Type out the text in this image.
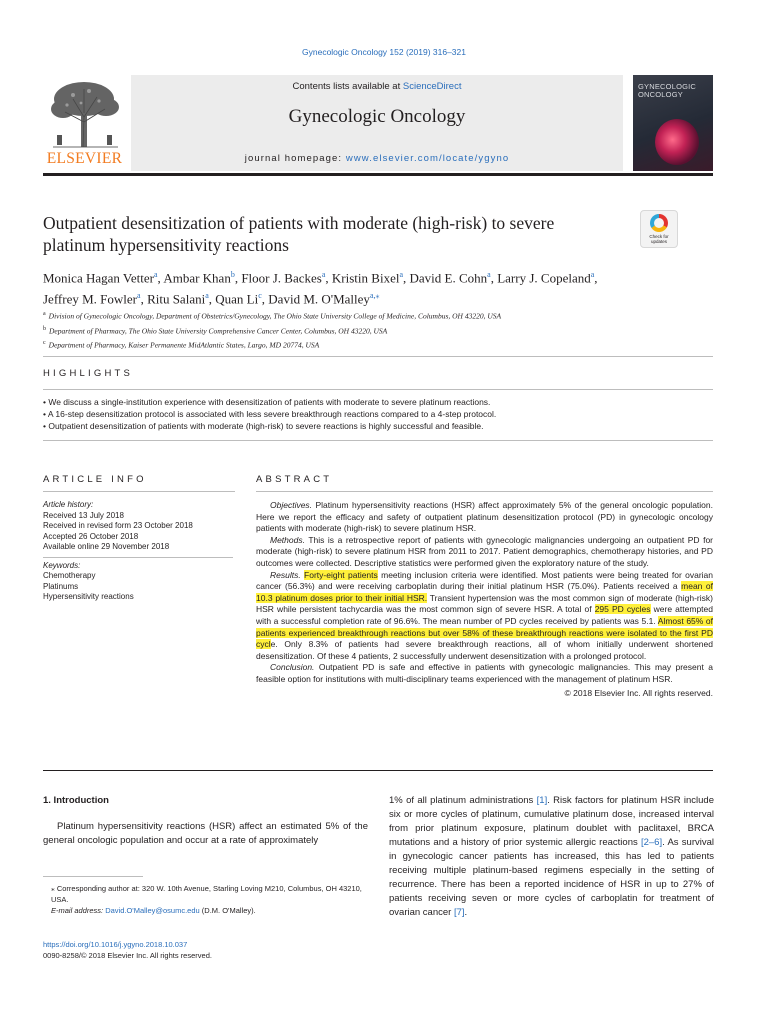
Gynecologic Oncology 152 (2019) 316–321
ELSEVIER
Contents lists available at ScienceDirect
Gynecologic Oncology
journal homepage: www.elsevier.com/locate/ygyno
GYNECOLOGIC
ONCOLOGY
Outpatient desensitization of patients with moderate (high-risk) to severe platinum hypersensitivity reactions	Check for updates
Monica Hagan Vetter$^a$, Ambar Khan$^b$, Floor J. Backes$^a$, Kristin Bixel$^a$, David E. Cohn$^a$, Larry J. Copeland$^a$,
Jeffrey M. Fowler$^a$, Ritu Salani$^a$, Quan Li$^c$, David M. O'Malley$^{a,⁎}$
$^a$ Division of Gynecologic Oncology, Department of Obstetrics/Gynecology, The Ohio State University College of Medicine, Columbus, OH 43220, USA
$^b$ Department of Pharmacy, The Ohio State University Comprehensive Cancer Center, Columbus, OH 43220, USA
$^c$ Department of Pharmacy, Kaiser Permanente MidAtlantic States, Largo, MD 20774, USA
HIGHLIGHTS
• We discuss a single-institution experience with desensitization of patients with moderate to severe platinum reactions.
• A 16-step desensitization protocol is associated with less severe breakthrough reactions compared to a 4-step protocol.
• Outpatient desensitization of patients with moderate (high-risk) to severe reactions is highly successful and feasible.
ARTICLE INFO
Article history:
Received 13 July 2018
Received in revised form 23 October 2018
Accepted 26 October 2018
Available online 29 November 2018
Keywords:
Chemotherapy
Platinums
Hypersensitivity reactions
ABSTRACT

Objectives. Platinum hypersensitivity reactions (HSR) affect approximately 5% of the general oncologic population. Here we report the efficacy and safety of outpatient platinum desensitization protocol (PD) in gynecologic oncology patients with moderate (high-risk) to severe platinum HSR.

Methods. This is a retrospective report of patients with gynecologic malignancies undergoing an outpatient PD for moderate (high-risk) to severe platinum HSR from 2011 to 2017. Patient demographics, chemotherapy histories, and PD outcomes were collected. Descriptive statistics were performed given the exploratory nature of the study.

Results. Forty-eight patients meeting inclusion criteria were identified. Most patients were being treated for ovarian cancer (56.3%) and were receiving carboplatin during their initial platinum HSR (75.0%). Patients received a mean of 10.3 platinum doses prior to their initial HSR. Transient hypertension was the most common sign of moderate (high-risk) HSR while persistent tachycardia was the most common sign of severe HSR. A total of 295 PD cycles were attempted with a successful completion rate of 96.6%. The mean number of PD cycles received by patients was 5.1. Almost 65% of patients experienced breakthrough reactions but over 58% of these breakthrough reactions were isolated to the first PD cycle. Only 8.3% of patients had severe breakthrough reactions, all of whom initially underwent shortened desensitization. Of these 4 patients, 2 successfully underwent desensitization with a prolonged protocol.

Conclusion. Outpatient PD is safe and effective in patients with gynecologic malignancies. This may present a feasible option for institutions with multi-disciplinary teams experienced with the management of platinum HSR.

© 2018 Elsevier Inc. All rights reserved.
1. Introduction

Platinum hypersensitivity reactions (HSR) affect an estimated 5% of the general oncologic population and occur at a rate of approximately

1% of all platinum administrations [1]. Risk factors for platinum HSR include six or more cycles of platinum, cumulative platinum dose, increased interval from prior platinum exposure, platinum doublet with paclitaxel, BRCA mutations and a history of prior systemic allergic reactions [2–6]. As survival in gynecologic cancer patients has increased, this has led to patients receiving multiple platinum-based regimens especially in the setting of recurrence. There has been a reported incidence of HSR in up to 27% of patients receiving seven or more cycles of carboplatin for treatment of ovarian cancer [7].

⁎ Corresponding author at: 320 W. 10th Avenue, Starling Loving M210, Columbus, OH 43210, USA.
E-mail address: David.O'Malley@osumc.edu (D.M. O'Malley).
https://doi.org/10.1016/j.ygyno.2018.10.037
0090-8258/© 2018 Elsevier Inc. All rights reserved.
